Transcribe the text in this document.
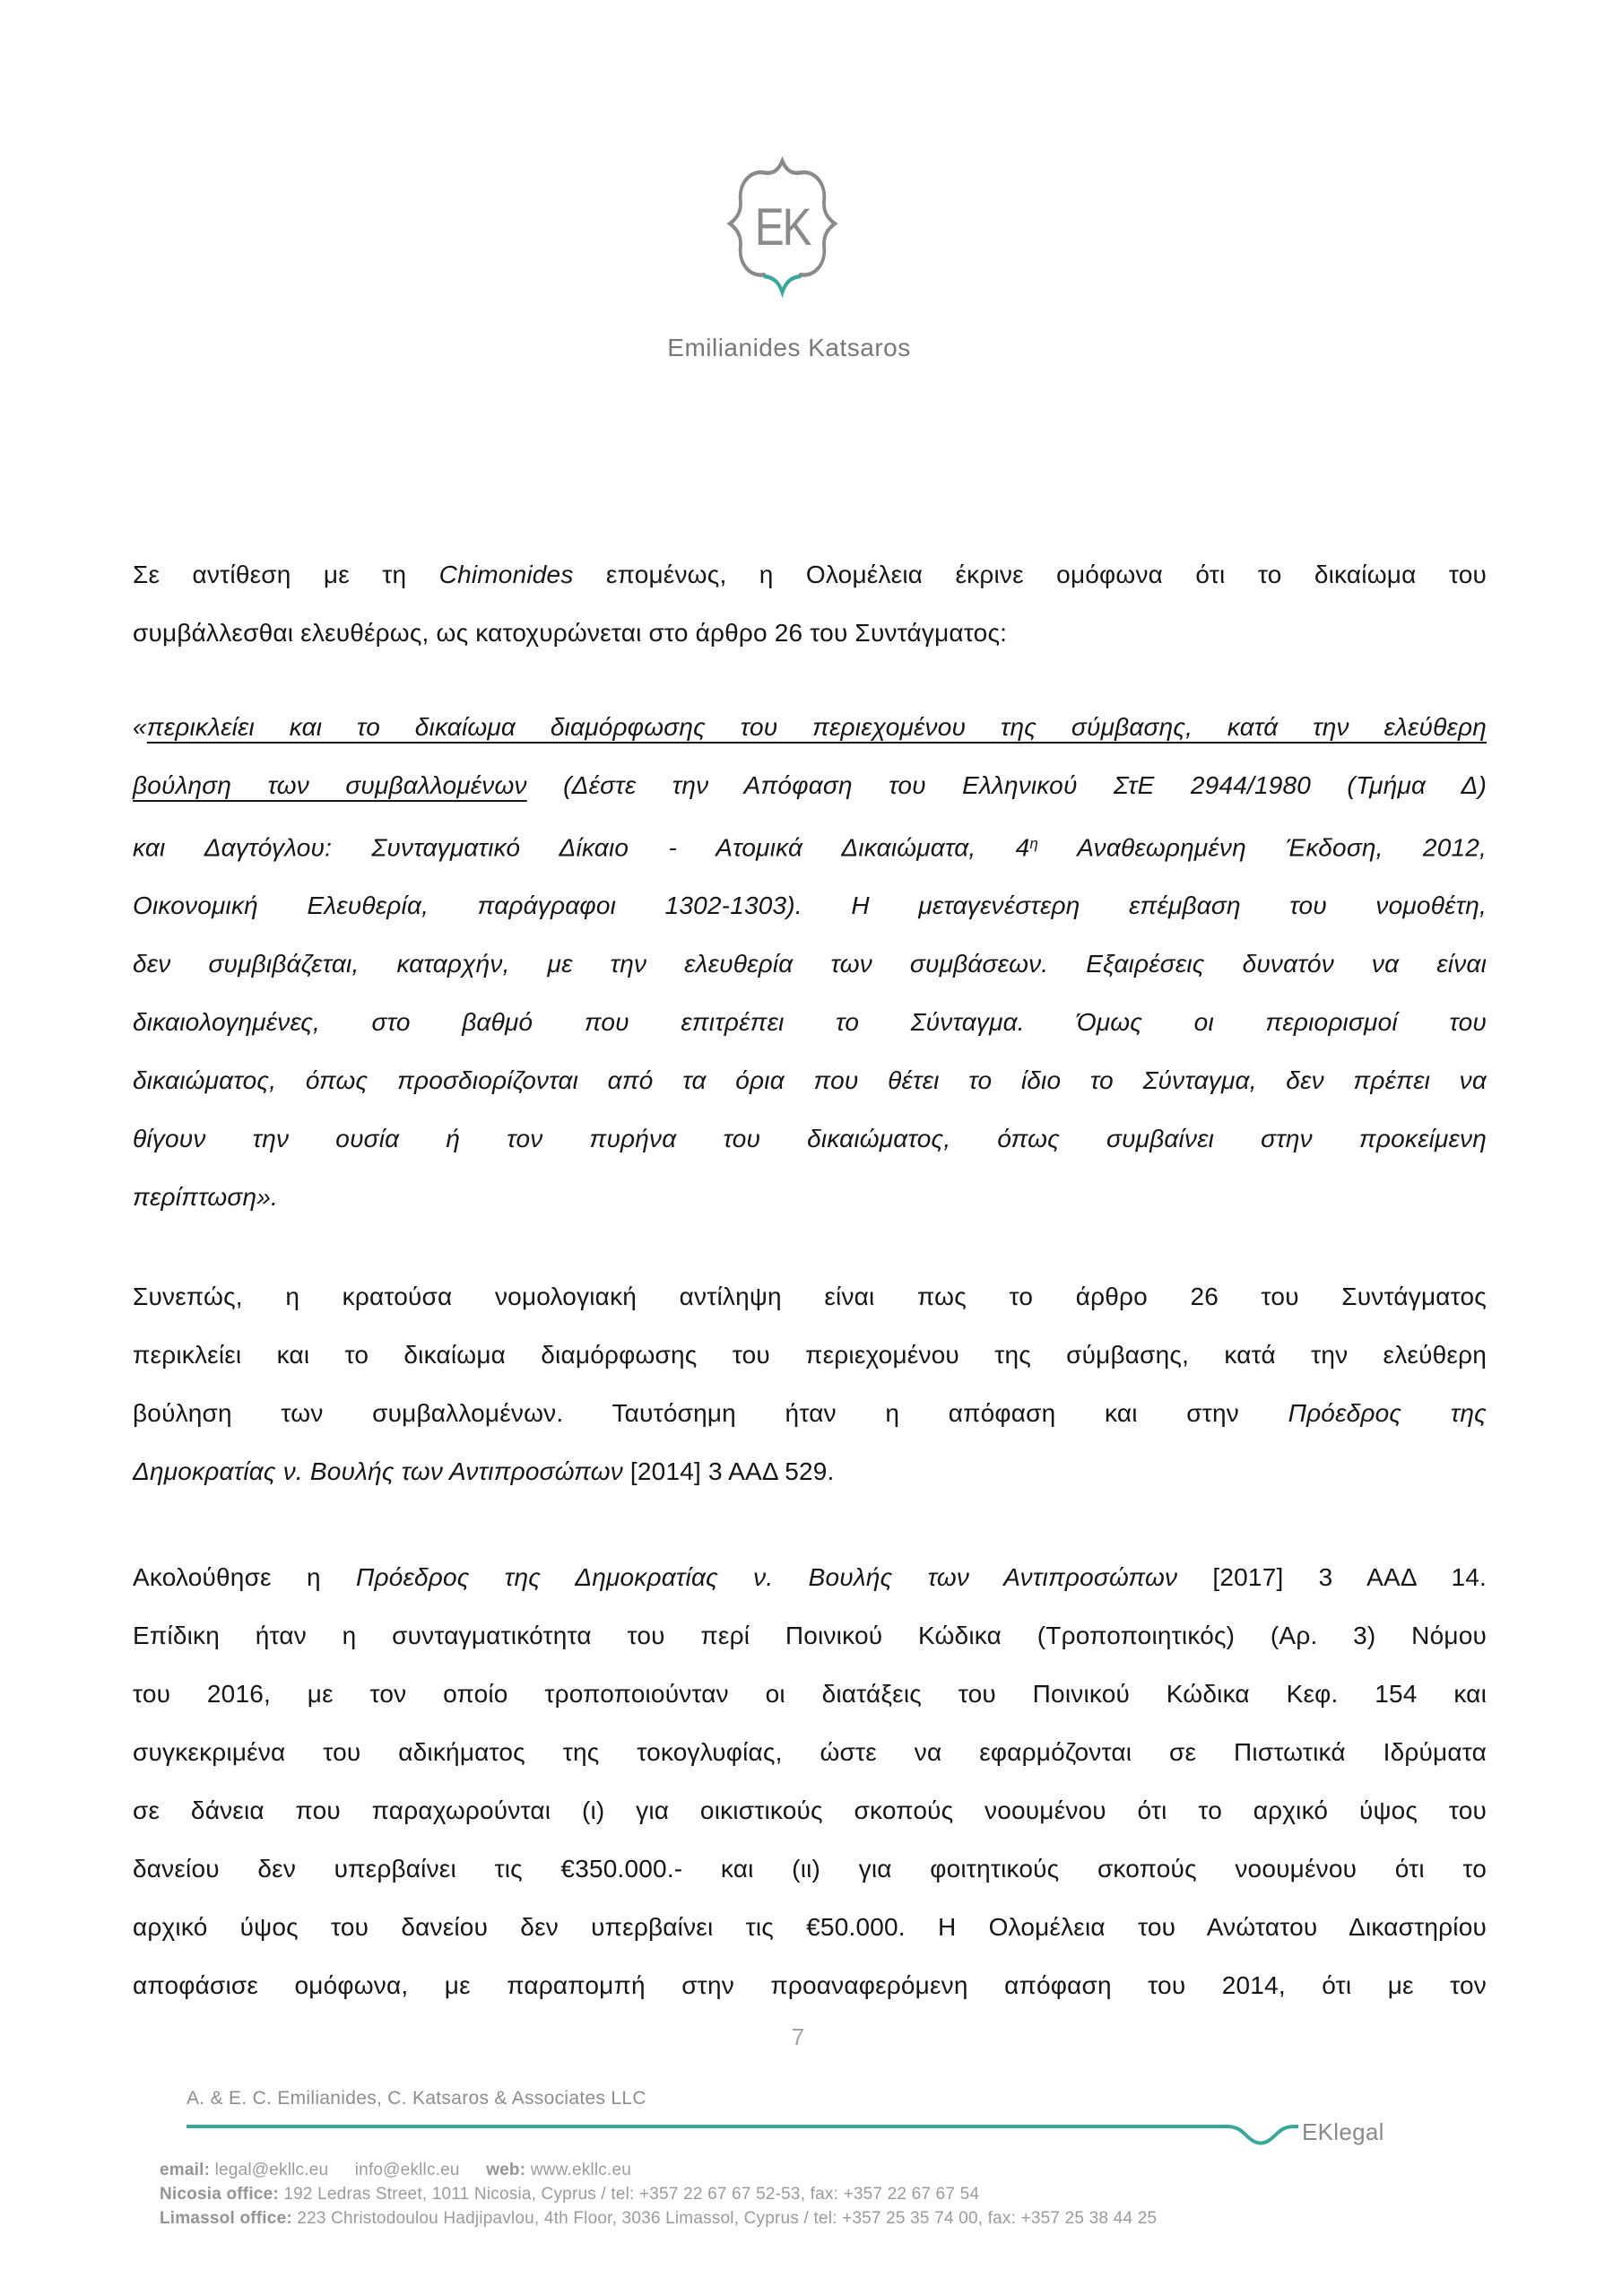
EK
Emilianides Katsaros
Σε αντίθεση με τη Chimonides επομένως, η Ολομέλεια έκρινε ομόφωνα ότι το δικαίωμα του
συμβάλλεσθαι ελευθέρως, ως κατοχυρώνεται στο άρθρο 26 του Συντάγματος:
«περικλείει και το δικαίωμα διαμόρφωσης του περιεχομένου της σύμβασης, κατά την ελεύθερη
βούληση των συμβαλλομένων (Δέστε την Απόφαση του Ελληνικού ΣτΕ 2944/1980 (Τμήμα Δ)
και Δαγτόγλου: Συνταγματικό Δίκαιο - Ατομικά Δικαιώματα, $4^\eta$ Αναθεωρημένη Έκδοση, 2012,
Οικονομική Ελευθερία, παράγραφοι 1302-1303). Η μεταγενέστερη επέμβαση του νομοθέτη,
δεν συμβιβάζεται, καταρχήν, με την ελευθερία των συμβάσεων. Εξαιρέσεις δυνατόν να είναι
δικαιολογημένες, στο βαθμό που επιτρέπει το Σύνταγμα. Όμως οι περιορισμοί του
δικαιώματος, όπως προσδιορίζονται από τα όρια που θέτει το ίδιο το Σύνταγμα, δεν πρέπει να
θίγουν την ουσία ή τον πυρήνα του δικαιώματος, όπως συμβαίνει στην προκείμενη
περίπτωση».
Συνεπώς, η κρατούσα νομολογιακή αντίληψη είναι πως το άρθρο 26 του Συντάγματος
περικλείει και το δικαίωμα διαμόρφωσης του περιεχομένου της σύμβασης, κατά την ελεύθερη
βούληση των συμβαλλομένων. Ταυτόσημη ήταν η απόφαση και στην Πρόεδρος της
Δημοκρατίας ν. Βουλής των Αντιπροσώπων [2014] 3 ΑΑΔ 529.
Ακολούθησε η Πρόεδρος της Δημοκρατίας ν. Βουλής των Αντιπροσώπων [2017] 3 ΑΑΔ 14.
Επίδικη ήταν η συνταγματικότητα του περί Ποινικού Κώδικα (Τροποποιητικός) (Αρ. 3) Νόμου
του 2016, με τον οποίο τροποποιούνταν οι διατάξεις του Ποινικού Κώδικα Κεφ. 154 και
συγκεκριμένα του αδικήματος της τοκογλυφίας, ώστε να εφαρμόζονται σε Πιστωτικά Ιδρύματα
σε δάνεια που παραχωρούνται (ι) για οικιστικούς σκοπούς νοουμένου ότι το αρχικό ύψος του
δανείου δεν υπερβαίνει τις €350.000.- και (ιι) για φοιτητικούς σκοπούς νοουμένου ότι το
αρχικό ύψος του δανείου δεν υπερβαίνει τις €50.000. Η Ολομέλεια του Ανώτατου Δικαστηρίου
αποφάσισε ομόφωνα, με παραπομπή στην προαναφερόμενη απόφαση του 2014, ότι με τον
7
A. & E. C. Emilianides, C. Katsaros & Associates LLC
EKlegal
email: legal@ekllc.eu info@ekllc.eu web: www.ekllc.eu
Nicosia office: 192 Ledras Street, 1011 Nicosia, Cyprus / tel: +357 22 67 67 52-53, fax: +357 22 67 67 54
Limassol office: 223 Christodoulou Hadjipavlou, 4th Floor, 3036 Limassol, Cyprus / tel: +357 25 35 74 00, fax: +357 25 38 44 25
